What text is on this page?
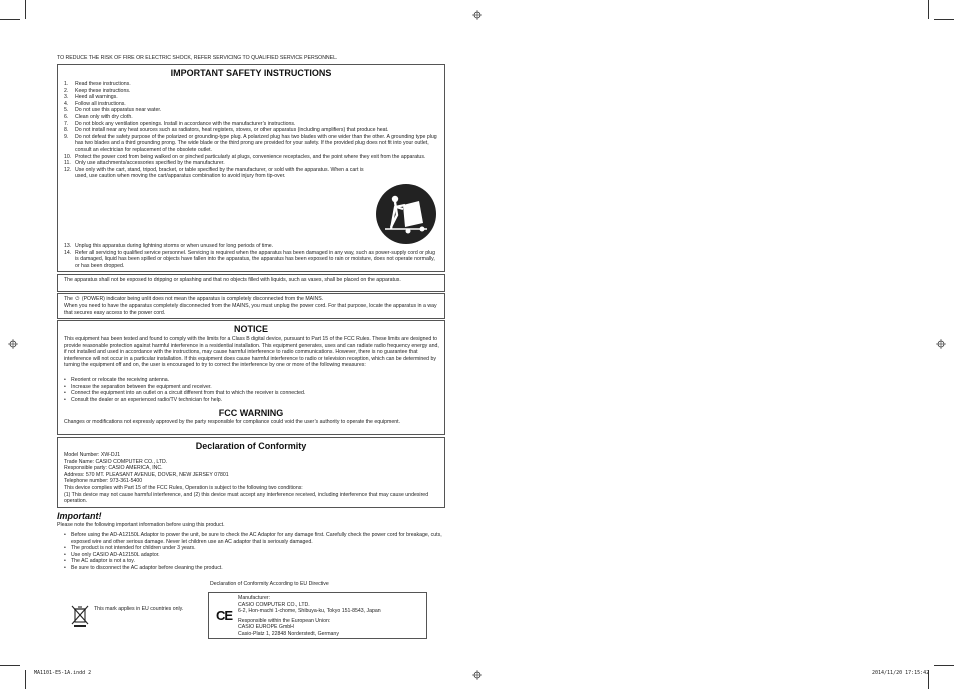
TO REDUCE THE RISK OF FIRE OR ELECTRIC SHOCK, REFER SERVICING TO QUALIFIED SERVICE PERSONNEL.
IMPORTANT SAFETY INSTRUCTIONS
1. Read these instructions.
2. Keep these instructions.
3. Heed all warnings.
4. Follow all instructions.
5. Do not use this apparatus near water.
6. Clean only with dry cloth.
7. Do not block any ventilation openings. Install in accordance with the manufacturer’s instructions.
8. Do not install near any heat sources such as radiators, heat registers, stoves, or other apparatus (including amplifiers) that produce heat.
9. Do not defeat the safety purpose of the polarized or grounding-type plug. A polarized plug has two blades with one wider than the other. A grounding type plug has two blades and a third grounding prong. The wide blade or the third prong are provided for your safety. If the provided plug does not fit into your outlet, consult an electrician for replacement of the obsolete outlet.
10. Protect the power cord from being walked on or pinched particularly at plugs, convenience receptacles, and the point where they exit from the apparatus.
11. Only use attachments/accessories specified by the manufacturer.
12. Use only with the cart, stand, tripod, bracket, or table specified by the manufacturer, or sold with the apparatus. When a cart is used, use caution when moving the cart/apparatus combination to avoid injury from tip-over.
13. Unplug this apparatus during lightning storms or when unused for long periods of time.
14. Refer all servicing to qualified service personnel. Servicing is required when the apparatus has been damaged in any way, such as power-supply cord or plug is damaged, liquid has been spilled or objects have fallen into the apparatus, the apparatus has been exposed to rain or moisture, does not operate normally, or has been dropped.
The apparatus shall not be exposed to dripping or splashing and that no objects filled with liquids, such as vases, shall be placed on the apparatus.
The ⏻ (POWER) indicator being unlit does not mean the apparatus is completely disconnected from the MAINS.
When you need to have the apparatus completely disconnected from the MAINS, you must unplug the power cord. For that purpose, locate the apparatus in a way that secures easy access to the power cord.
NOTICE
This equipment has been tested and found to comply with the limits for a Class B digital device, pursuant to Part 15 of the FCC Rules. These limits are designed to provide reasonable protection against harmful interference in a residential installation. This equipment generates, uses and can radiate radio frequency energy and, if not installed and used in accordance with the instructions, may cause harmful interference to radio communications. However, there is no guarantee that interference will not occur in a particular installation. If this equipment does cause harmful interference to radio or television reception, which can be determined by turning the equipment off and on, the user is encouraged to try to correct the interference by one or more of the following measures:
• Reorient or relocate the receiving antenna.
• Increase the separation between the equipment and receiver.
• Connect the equipment into an outlet on a circuit different from that to which the receiver is connected.
• Consult the dealer or an experienced radio/TV technician for help.
FCC WARNING
Changes or modifications not expressly approved by the party responsible for compliance could void the user’s authority to operate the equipment.
Declaration of Conformity
Model Number: XW-DJ1
Trade Name: CASIO COMPUTER CO., LTD.
Responsible party: CASIO AMERICA, INC.
Address: 570 MT. PLEASANT AVENUE, DOVER, NEW JERSEY 07801
Telephone number: 973-361-5400
This device complies with Part 15 of the FCC Rules, Operation is subject to the following two conditions:
(1) This device may not cause harmful interference, and (2) this device must accept any interference received, including interference that may cause undesired operation.
Important!
Please note the following important information before using this product.
• Before using the AD-A12150L Adaptor to power the unit, be sure to check the AC Adaptor for any damage first. Carefully check the power cord for breakage, cuts, exposed wire and other serious damage. Never let children use an AC adaptor that is seriously damaged.
• The product is not intended for children under 3 years.
• Use only CASIO AD-A12150L adaptor.
• The AC adaptor is not a toy.
• Be sure to disconnect the AC adaptor before cleaning the product.
Declaration of Conformity According to EU Directive
This mark applies in EU countries only.	CE
Manufacturer:
CASIO COMPUTER CO., LTD.
6-2, Hon-machi 1-chome, Shibuya-ku, Tokyo 151-8543, Japan
Responsible within the European Union:
CASIO EUROPE GmbH
Casio-Platz 1, 22848 Norderstedt, Germany
MA1101-E5-1A.indd 2	2014/11/20 17:15:42
